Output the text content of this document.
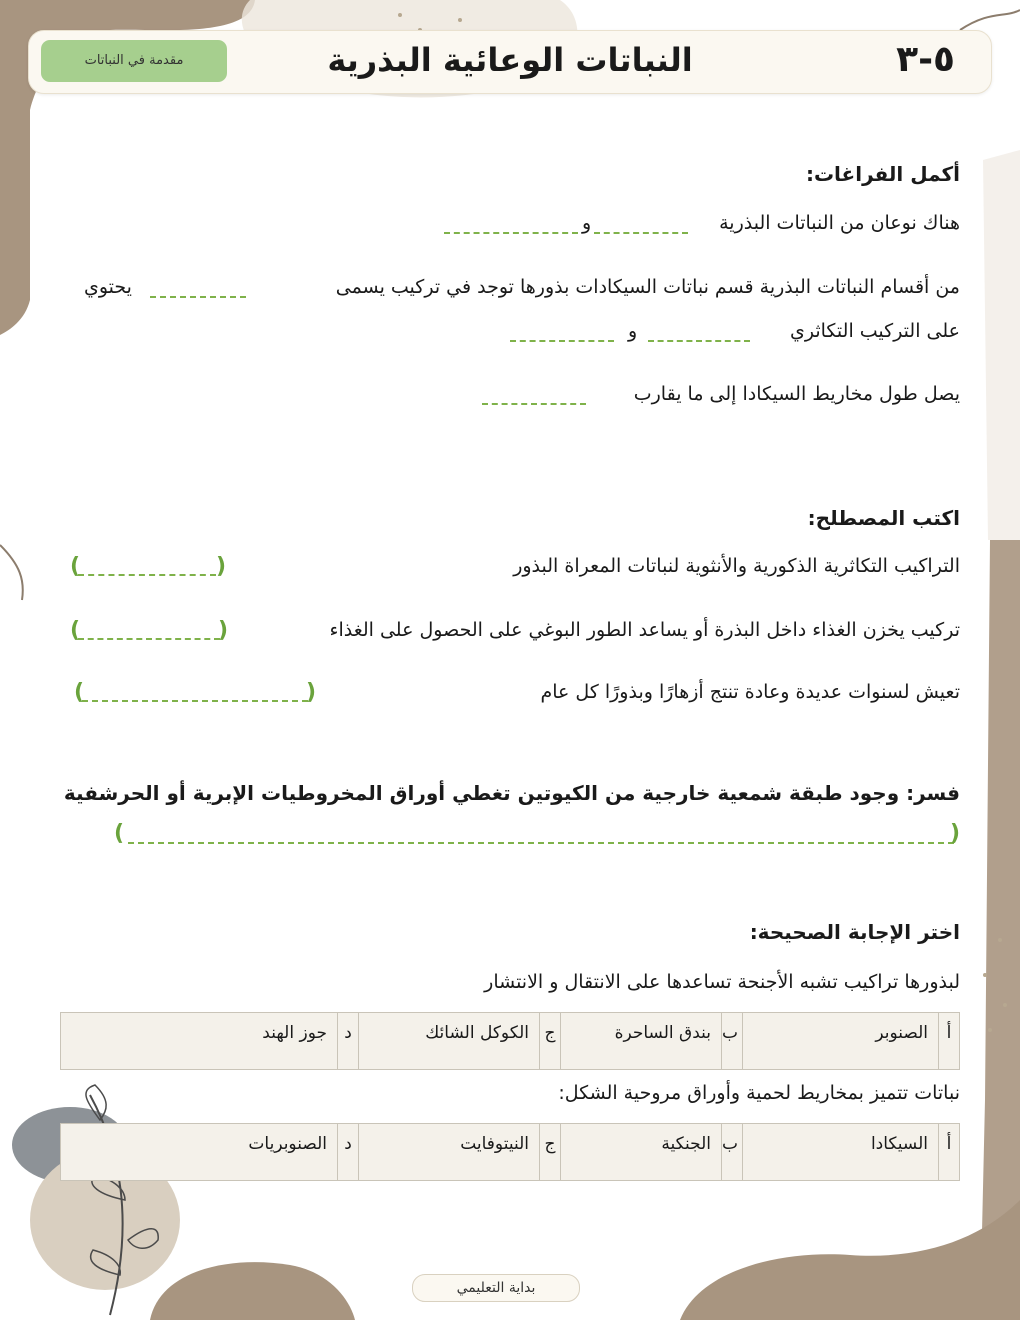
٥-٣
النباتات الوعائية البذرية
مقدمة في النباتات
أكمل الفراغات:
هناك نوعان من النباتات البذرية
و
من أقسام النباتات البذرية قسم نباتات السيكادات بذورها توجد في تركيب يسمى
يحتوي
على التركيب التكاثري
و
يصل طول مخاريط السيكادا إلى ما يقارب
اكتب المصطلح:
التراكيب التكاثرية الذكورية والأنثوية لنباتات المعراة البذور
(	)
تركيب يخزن الغذاء داخل البذرة أو يساعد الطور البوغي على الحصول على الغذاء
(	)
تعيش لسنوات عديدة وعادة تنتج أزهارًا وبذورًا كل عام
(	)
فسر: وجود طبقة شمعية خارجية من الكيوتين تغطي أوراق المخروطيات الإبرية أو الحرشفية
(	)
اختر الإجابة الصحيحة:
لبذورها تراكيب تشبه الأجنحة تساعدها على الانتقال و الانتشار
أ	الصنوبر	ب	بندق الساحرة	ج	الكوكل الشائك	د	جوز الهند
نباتات تتميز بمخاريط لحمية وأوراق مروحية الشكل:
أ	السيكادا	ب	الجنكية	ج	النيتوفايت	د	الصنوبريات
بداية التعليمي
